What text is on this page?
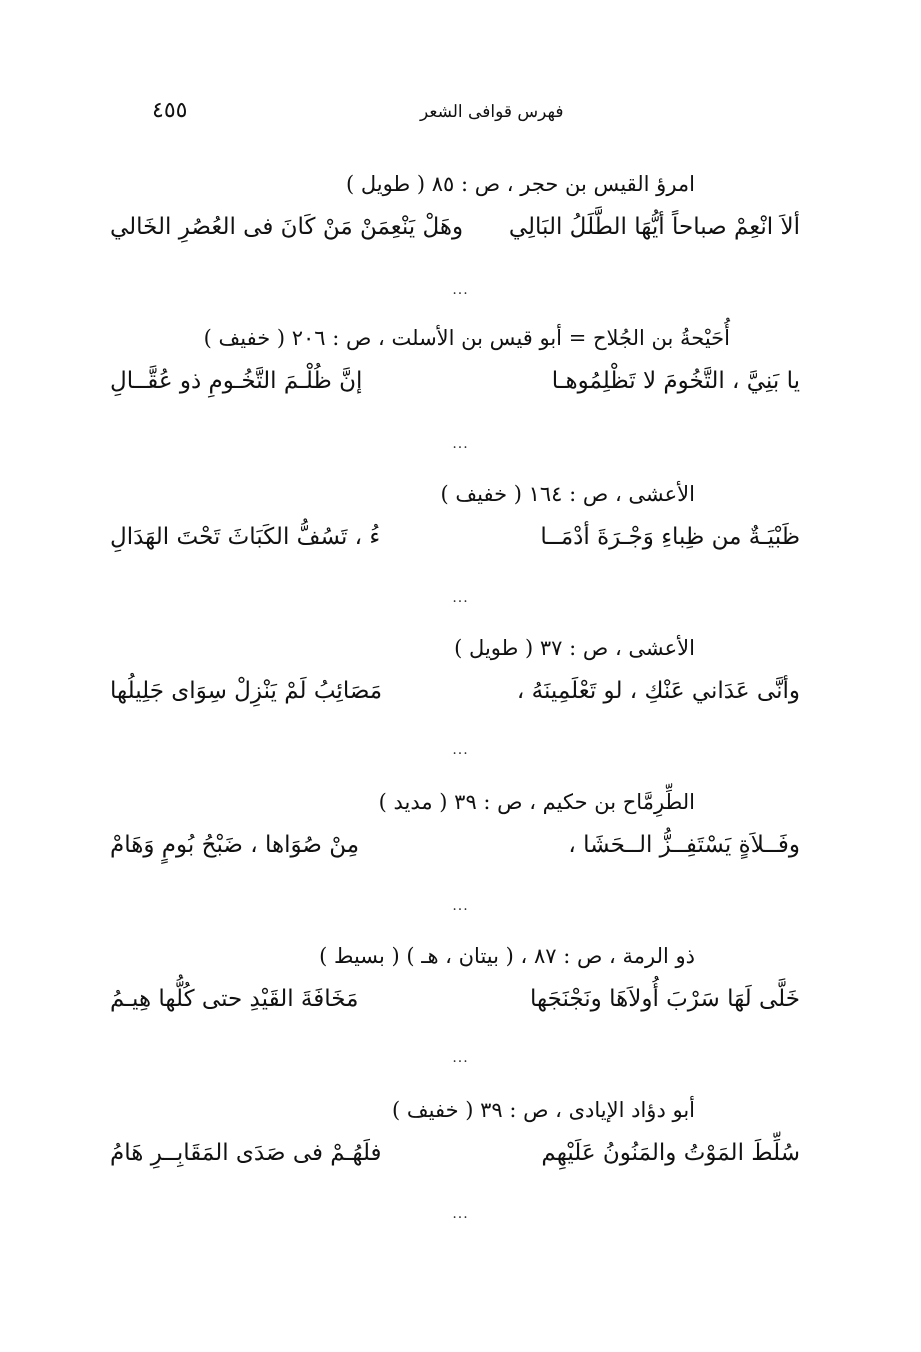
٤٥٥	فهرس قوافى الشعر
امرؤ القيس بن حجر ، ص : ٨٥ ( طويل )
ألاَ انْعِمْ صباحاً أيُّهَا الطَّلَلُ البَالِي
وهَلْ يَنْعِمَنْ مَنْ كَانَ فى العُصُرِ الخَالي
...
أُحَيْحةُ بن الجُلاح = أبو قيس بن الأسلت ، ص : ٢٠٦ ( خفيف )
يا بَنِيَّ ، التَّخُومَ لا تَظْلِمُوهـا
إنَّ ظُلْـمَ التَّخُـومِ ذو عُقَّــالِ
...
الأعشى ، ص : ١٦٤ ( خفيف )
ظَبْيَـةٌ من ظِباءِ وَجْـرَةَ أدْمَــا
ءُ ، تَسُفُّ الكَبَاثَ تَحْتَ الهَدَالِ
...
الأعشى ، ص : ٣٧ ( طويل )
وأنَّى عَدَاني عَنْكِ ، لو تَعْلَمِينَهُ ،
مَصَائِبُ لَمْ يَنْزِلْ سِوَاى جَلِيلُها
...
الطِّرِمَّاح بن حكيم ، ص : ٣٩ ( مديد )
وفَــلاَةٍ يَسْتَفِــزُّ الــحَشَا ،
مِنْ صُوَاها ، ضَبْحُ بُومٍ وَهَامْ
...
ذو الرمة ، ص : ٨٧ ، ( بيتان ، هـ ) ( بسيط )
خَلَّى لَهَا سَرْبَ أُولاَهَا ونَجْنَجَها
مَخَافَةَ القَيْدِ حتى كُلُّها هِيـمُ
...
أبو دؤاد الإيادى ، ص : ٣٩ ( خفيف )
سُلِّطَ المَوْتُ والمَنُونُ عَلَيْهِم
فلَهُـمْ فى صَدَى المَقَابِــرِ هَامُ
...
